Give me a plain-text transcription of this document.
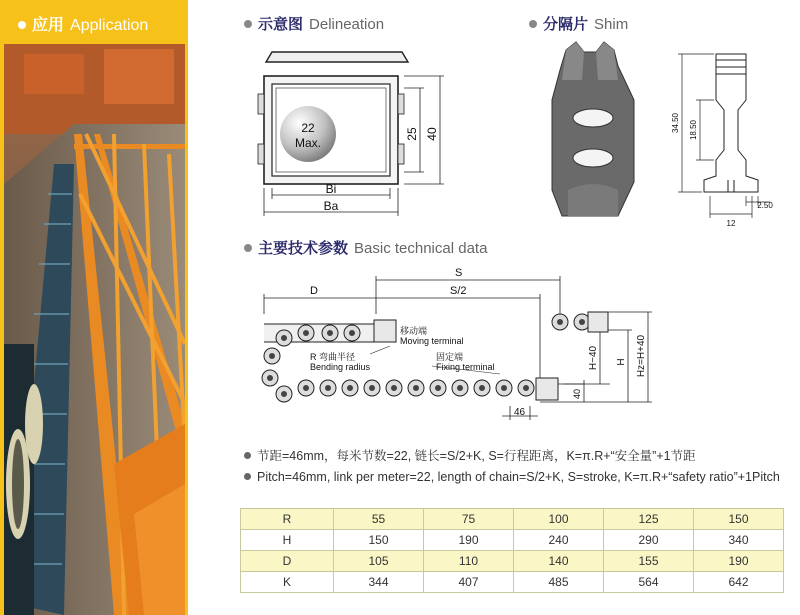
应用 Application	示意图 Delineation
22
Max.
25 40
Bi
Ba
分隔片 Shim
34.50 18.50
2.50
12
主要技术参数 Basic technical data
S
D	S/2
移动端
Moving terminal
R 弯曲半径
Bending radius
固定端
Fixing terminal	H−40 H Hz=H+40
40
46
节距=46mm，每米节数=22, 链长=S/2+K, S=行程距离，K=π.R+“安全量”+1节距
Pitch=46mm, link per meter=22, length of chain=S/2+K, S=stroke, K=π.R+“safety ratio”+1Pitch
R	55	75	100	125	150
H	150	190	240	290	340
D	105	110	140	155	190
K	344	407	485	564	642
